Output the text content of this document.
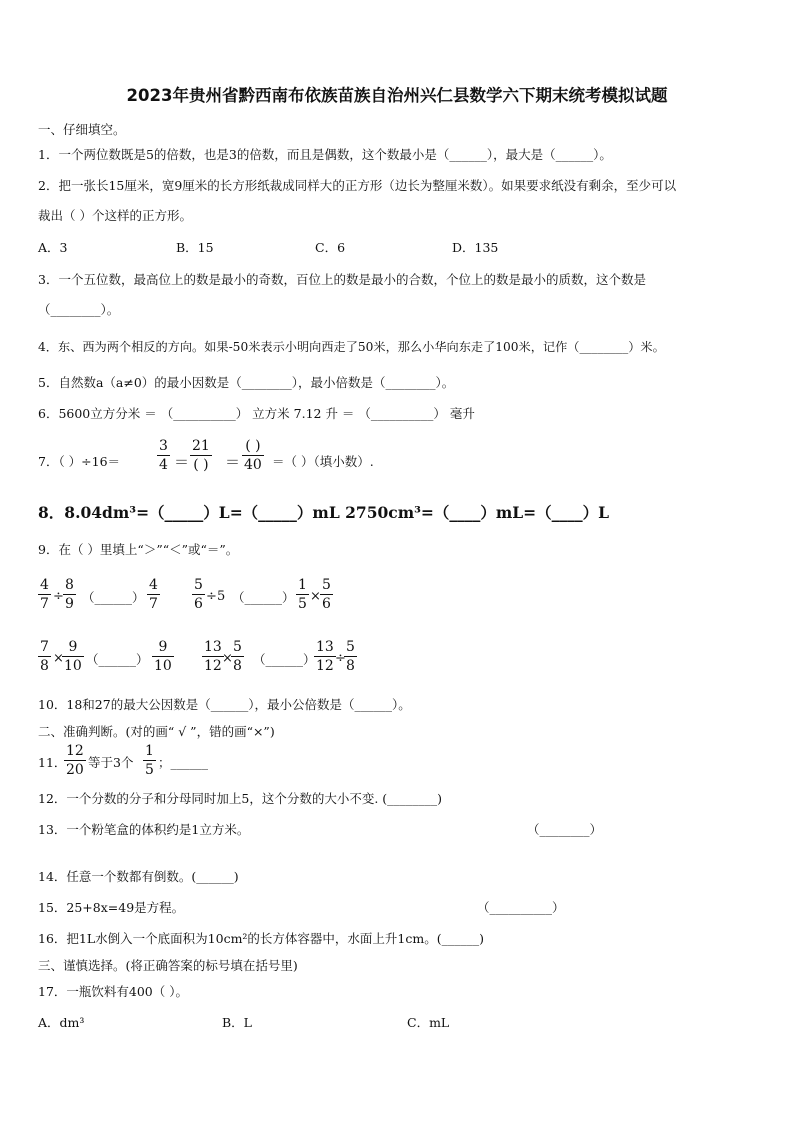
2023年贵州省黔西南布依族苗族自治州兴仁县数学六下期末统考模拟试题
一、仔细填空。
1．一个两位数既是5的倍数，也是3的倍数，而且是偶数，这个数最小是（______），最大是（______）。
2．把一张长15厘米，宽9厘米的长方形纸裁成同样大的正方形（边长为整厘米数）。如果要求纸没有剩余，至少可以
裁出（ ）个这样的正方形。
A．3	B．15	C．6	D．135
3．一个五位数，最高位上的数是最小的奇数，百位上的数是最小的合数，个位上的数是最小的质数，这个数是
（________）。
4．东、西为两个相反的方向。如果-50米表示小明向西走了50米，那么小华向东走了100米，记作（________）米。
5．自然数a（a≠0）的最小因数是（________），最小倍数是（________）。
6．5600立方分米 ＝ （__________） 立方米 7.12 升 ＝ （__________） 毫升
7．（ ）÷16＝
3
4 ＝
21
( ) ＝
( )
40 ＝（ ）（填小数）.
8．8.04dm³=（_____）L=（_____）mL 2750cm³=（____）mL=（____）L
9．在（ ）里填上“＞”“＜”或“＝”。
4
7 ÷
8
9 （______）
4
7
5
6 ÷ 5 （______）
1
5 ×
5
6
7
8 ×
9
10 （______）
9
10
13
12 ×
5
8 （______）
13
12 ÷
5
8
10．18和27的最大公因数是（______），最小公倍数是（______）。
二、准确判断。(对的画“ √ ”，错的画“×”)
11．
12
20 等于3个
1
5 ；______
12．一个分数的分子和分母同时加上5，这个分数的大小不变. (________)
13．一个粉笔盒的体积约是1立方米。	（________）
14．任意一个数都有倒数。(______)
15．25+8x=49是方程。	（__________）
16．把1L水倒入一个底面积为10cm²的长方体容器中，水面上升1cm。(______)
三、谨慎选择。(将正确答案的标号填在括号里)
17．一瓶饮料有400（ ）。
A．dm³	B．L	C．mL
